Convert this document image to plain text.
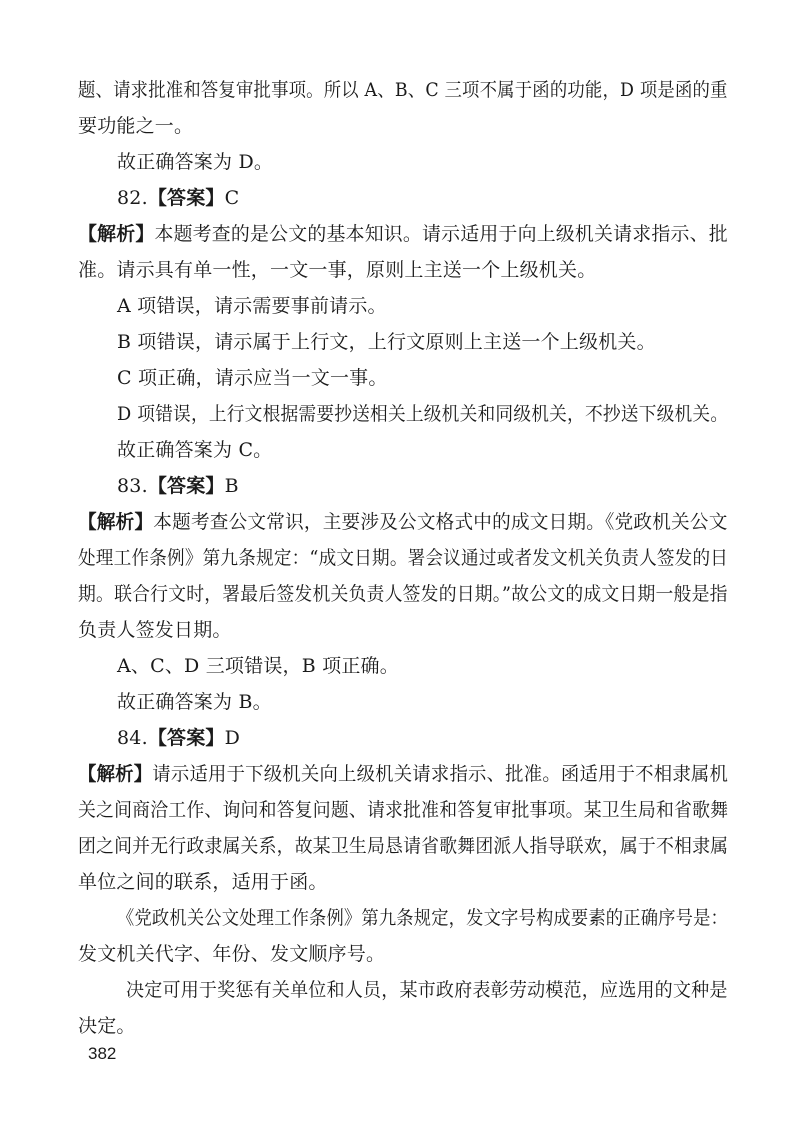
题、请求批准和答复审批事项。所以 A、B、C 三项不属于函的功能，D 项是函的重
要功能之一。
故正确答案为 D。
82.【答案】C
【解析】本题考查的是公文的基本知识。请示适用于向上级机关请求指示、批
准。请示具有单一性，一文一事，原则上主送一个上级机关。
A 项错误，请示需要事前请示。
B 项错误，请示属于上行文，上行文原则上主送一个上级机关。
C 项正确，请示应当一文一事。
D 项错误，上行文根据需要抄送相关上级机关和同级机关，不抄送下级机关。
故正确答案为 C。
83.【答案】B
【解析】本题考查公文常识，主要涉及公文格式中的成文日期。《党政机关公文
处理工作条例》第九条规定：“成文日期。署会议通过或者发文机关负责人签发的日
期。联合行文时，署最后签发机关负责人签发的日期。”故公文的成文日期一般是指
负责人签发日期。
A、C、D 三项错误，B 项正确。
故正确答案为 B。
84.【答案】D
【解析】请示适用于下级机关向上级机关请求指示、批准。函适用于不相隶属机
关之间商洽工作、询问和答复问题、请求批准和答复审批事项。某卫生局和省歌舞
团之间并无行政隶属关系，故某卫生局恳请省歌舞团派人指导联欢，属于不相隶属
单位之间的联系，适用于函。
《党政机关公文处理工作条例》第九条规定，发文字号构成要素的正确序号是：
发文机关代字、年份、发文顺序号。
决定可用于奖惩有关单位和人员，某市政府表彰劳动模范，应选用的文种是
决定。
382
